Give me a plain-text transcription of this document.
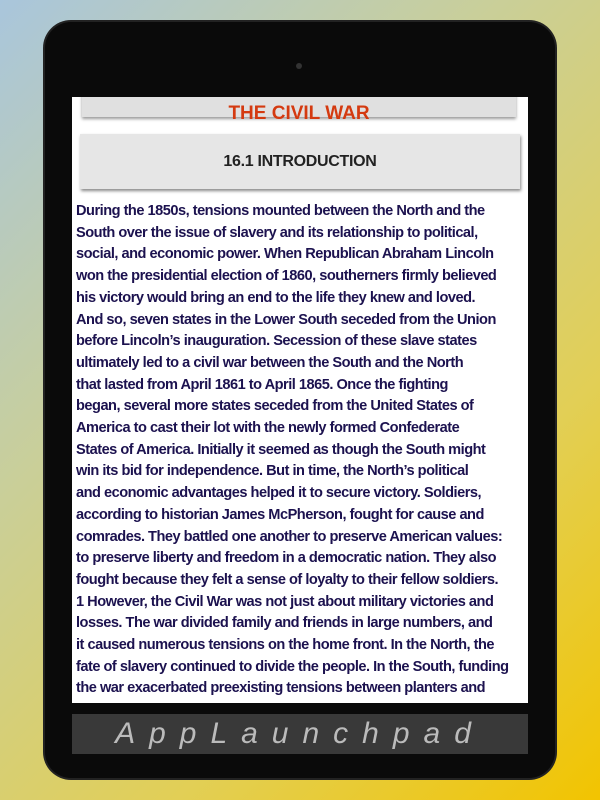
THE CIVIL WAR
16.1 INTRODUCTION
During the 1850s, tensions mounted between the North and the
South over the issue of slavery and its relationship to political,
social, and economic power. When Republican Abraham Lincoln
won the presidential election of 1860, southerners firmly believed
his victory would bring an end to the life they knew and loved.
And so, seven states in the Lower South seceded from the Union
before Lincoln’s inauguration. Secession of these slave states
ultimately led to a civil war between the South and the North
that lasted from April 1861 to April 1865. Once the fighting
began, several more states seceded from the United States of
America to cast their lot with the newly formed Confederate
States of America. Initially it seemed as though the South might
win its bid for independence. But in time, the North’s political
and economic advantages helped it to secure victory. Soldiers,
according to historian James McPherson, fought for cause and
comrades. They battled one another to preserve American values:
to preserve liberty and freedom in a democratic nation. They also
fought because they felt a sense of loyalty to their fellow soldiers.
1 However, the Civil War was not just about military victories and
losses. The war divided family and friends in large numbers, and
it caused numerous tensions on the home front. In the North, the
fate of slavery continued to divide the people. In the South, funding
the war exacerbated preexisting tensions between planters and
AppLaunchpad
